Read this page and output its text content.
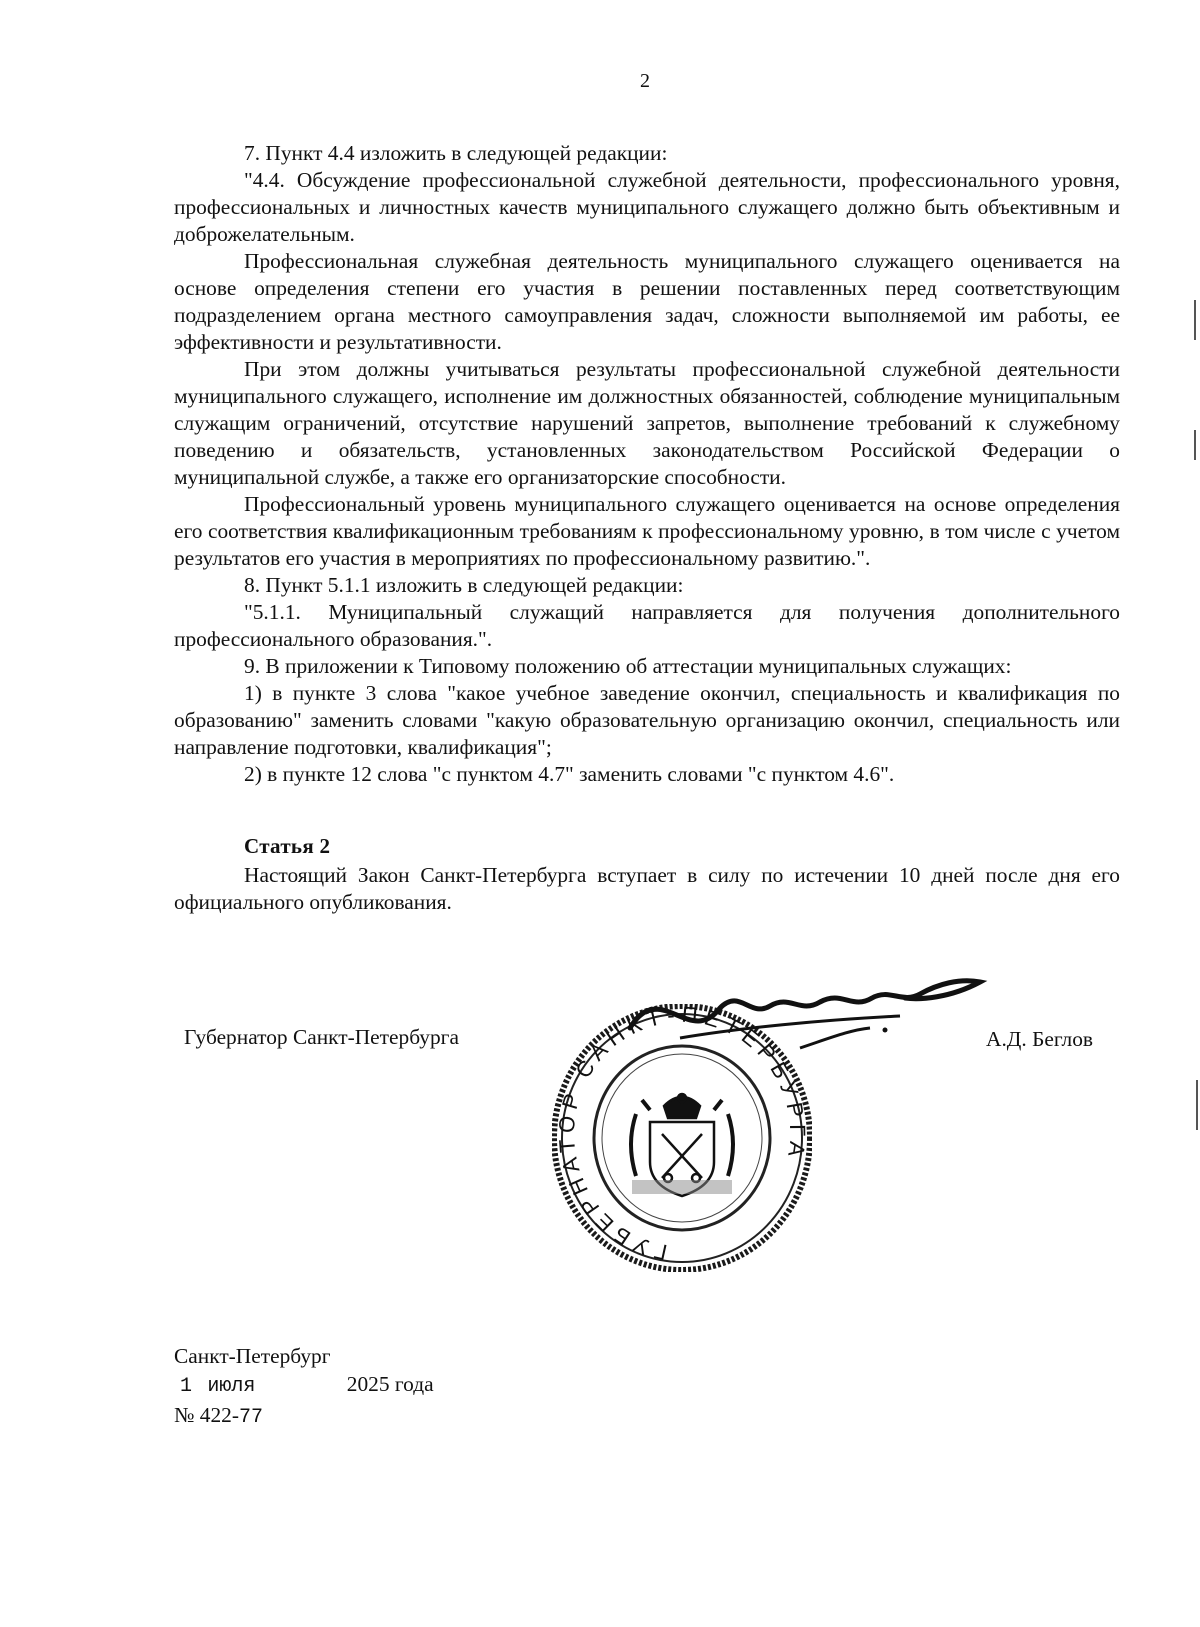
2

7. Пункт 4.4 изложить в следующей редакции:

"4.4. Обсуждение профессиональной служебной деятельности, профессионального уровня, профессиональных и личностных качеств муниципального служащего должно быть объективным и доброжелательным.

Профессиональная служебная деятельность муниципального служащего оценивается на основе определения степени его участия в решении поставленных перед соответствующим подразделением органа местного самоуправления задач, сложности выполняемой им работы, ее эффективности и результативности.

При этом должны учитываться результаты профессиональной служебной деятельности муниципального служащего, исполнение им должностных обязанностей, соблюдение муниципальным служащим ограничений, отсутствие нарушений запретов, выполнение требований к служебному поведению и обязательств, установленных законодательством Российской Федерации о муниципальной службе, а также его организаторские способности.

Профессиональный уровень муниципального служащего оценивается на основе определения его соответствия квалификационным требованиям к профессиональному уровню, в том числе с учетом результатов его участия в мероприятиях по профессиональному развитию.".

8. Пункт 5.1.1 изложить в следующей редакции:

"5.1.1. Муниципальный служащий направляется для получения дополнительного профессионального образования.".

9. В приложении к Типовому положению об аттестации муниципальных служащих:

1) в пункте 3 слова "какое учебное заведение окончил, специальность и квалификация по образованию" заменить словами "какую образовательную организацию окончил, специальность или направление подготовки, квалификация";

2) в пункте 12 слова "с пунктом 4.7" заменить словами "с пунктом 4.6".

Статья 2
Настоящий Закон Санкт-Петербурга вступает в силу по истечении 10 дней после дня его официального опубликования.
Губернатор Санкт-Петербурга	А.Д. Беглов
ГУБЕРНАТОР САНКТ-ПЕТЕРБУРГА
Санкт-Петербург
1 июля	2025 года
№ 422-77
